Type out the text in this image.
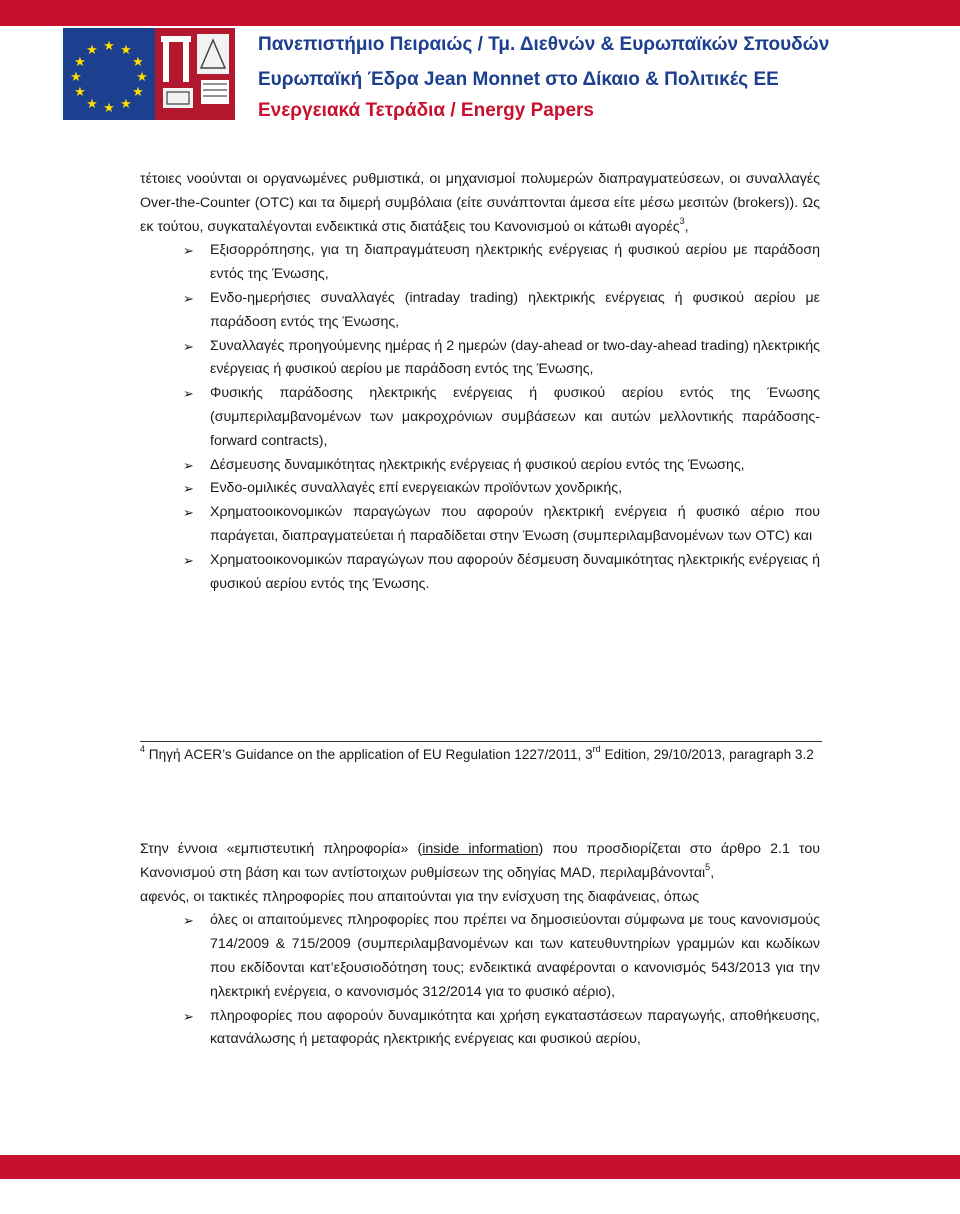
★ ★
★
★
★
★
★
★
★
★
★
★	Πανεπιστήμιο Πειραιώς / Τμ. Διεθνών & Ευρωπαϊκών Σπουδών
Ευρωπαϊκή Έδρα Jean Monnet στο Δίκαιο & Πολιτικές ΕΕ
Ενεργειακά Τετράδια / Energy Papers

τέτοιες νοούνται οι οργανωμένες ρυθμιστικά, οι μηχανισμοί πολυμερών διαπραγματεύσεων, οι συναλλαγές Over-the-Counter (OTC) και τα διμερή συμβόλαια (είτε συνάπτονται άμεσα είτε μέσω μεσιτών (brokers)). Ως εκ τούτου, συγκαταλέγονται ενδεικτικά στις διατάξεις του Κανονισμού οι κάτωθι αγορές$^3$,

➢ Εξισορρόπησης, για τη διαπραγμάτευση ηλεκτρικής ενέργειας ή φυσικού αερίου με παράδοση εντός της Ένωσης,
➢ Ενδο-ημερήσιες συναλλαγές (intraday trading) ηλεκτρικής ενέργειας ή φυσικού αερίου με παράδοση εντός της Ένωσης,
➢ Συναλλαγές προηγούμενης ημέρας ή 2 ημερών (day-ahead or two-day-ahead trading) ηλεκτρικής ενέργειας ή φυσικού αερίου με παράδοση εντός της Ένωσης,
➢ Φυσικής παράδοσης ηλεκτρικής ενέργειας ή φυσικού αερίου εντός της Ένωσης (συμπεριλαμβανομένων των μακροχρόνιων συμβάσεων και αυτών μελλοντικής παράδοσης-forward contracts),
➢ Δέσμευσης δυναμικότητας ηλεκτρικής ενέργειας ή φυσικού αερίου εντός της Ένωσης,
➢ Ενδο-ομιλικές συναλλαγές επί ενεργειακών προϊόντων χονδρικής,
➢ Χρηματοοικονομικών παραγώγων που αφορούν ηλεκτρική ενέργεια ή φυσικό αέριο που παράγεται, διαπραγματεύεται ή παραδίδεται στην Ένωση (συμπεριλαμβανομένων των OTC) και
➢ Χρηματοοικονομικών παραγώγων που αφορούν δέσμευση δυναμικότητας ηλεκτρικής ενέργειας ή φυσικού αερίου εντός της Ένωσης.
$^4$ Πηγή ACER’s Guidance on the application of EU Regulation 1227/2011, 3rd Edition, 29/10/2013, paragraph 3.2

Στην έννοια «εμπιστευτική πληροφορία» (inside information) που προσδιορίζεται στο άρθρο 2.1 του Κανονισμού στη βάση και των αντίστοιχων ρυθμίσεων της οδηγίας MAD, περιλαμβάνονται$^5$,

αφενός, οι τακτικές πληροφορίες που απαιτούνται για την ενίσχυση της διαφάνειας, όπως

➢ όλες οι απαιτούμενες πληροφορίες που πρέπει να δημοσιεύονται σύμφωνα με τους κανονισμούς 714/2009 & 715/2009 (συμπεριλαμβανομένων και των κατευθυντηρίων γραμμών και κωδίκων που εκδίδονται κατ’εξουσιοδότηση τους; ενδεικτικά αναφέρονται ο κανονισμός 543/2013 για την ηλεκτρική ενέργεια, ο κανονισμός 312/2014 για το φυσικό αέριο),
➢ πληροφορίες που αφορούν δυναμικότητα και χρήση εγκαταστάσεων παραγωγής, αποθήκευσης, κατανάλωσης ή μεταφοράς ηλεκτρικής ενέργειας και φυσικού αερίου,
